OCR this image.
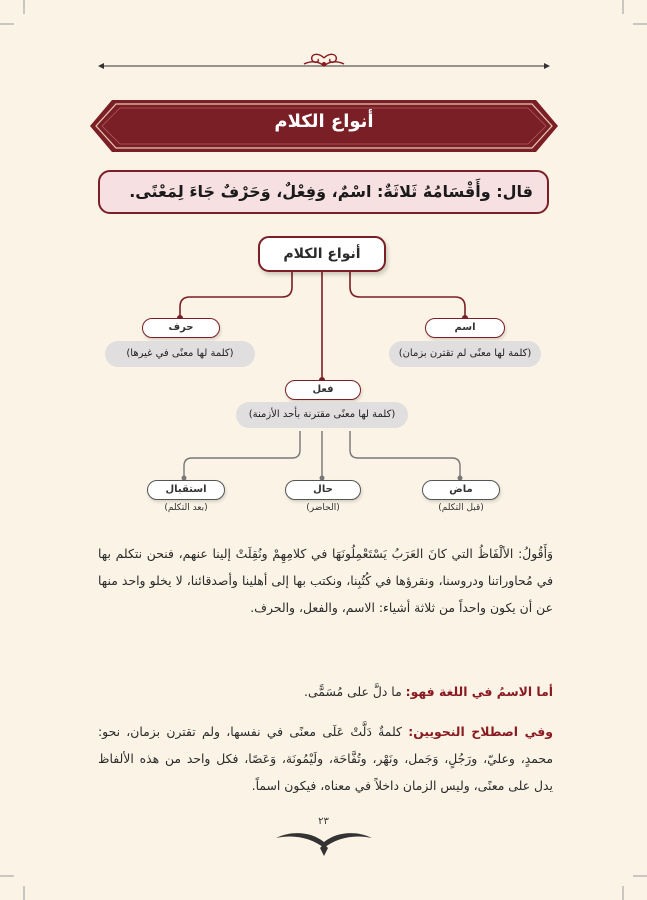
أنواع الكلام
قال: وأَقْسَامُهُ ثَلاثَةٌ: اسْمٌ، وَفِعْلٌ، وَحَرْفٌ جَاءَ لِمَعْنًى.
أنواع الكلام
اسم
(كلمة لها معنًى لم تقترن بزمان)
حرف
(كلمة لها معنًى في غيرها)
فعل
(كلمة لها معنًى مقترنة بأحد الأزمنة)
ماض
(قبل التكلم)
حال
(الحاضر)
استقبال
(بعد التكلم)
وَأَقُولُ: الألْفَاظُ التي كانَ العَرَبُ يَسْتَعْمِلُونَهَا في كلامِهِمْ ونُقِلَتْ إلينا عنهم، فنحن نتكلم بها في مُحاوراتنا ودروسنا، ونقرؤها في كُتُبِنا، ونكتب بها إلى أهلينا وأصدقائنا، لا يخلو واحد منها عن أن يكون واحداً من ثلاثة أشياء: الاسم، والفعل، والحرف.
أما الاسمُ في اللغة فهو: ما دلَّ على مُسَمًّى.
وفي اصطلاح النحويين: كلمةٌ دَلَّتْ عَلَى معنًى في نفسها، ولم تقترن بزمان، نحو: محمدٍ، وعليّ، ورَجُلٍ، وَجَمل، ونَهْر، وتُفَّاحَة، ولَيْمُونَة، وَعَصًا، فكل واحد من هذه الألفاظ يدل على معنًى، وليس الزمان داخلاً في معناه، فيكون اسماً.
٢٣
